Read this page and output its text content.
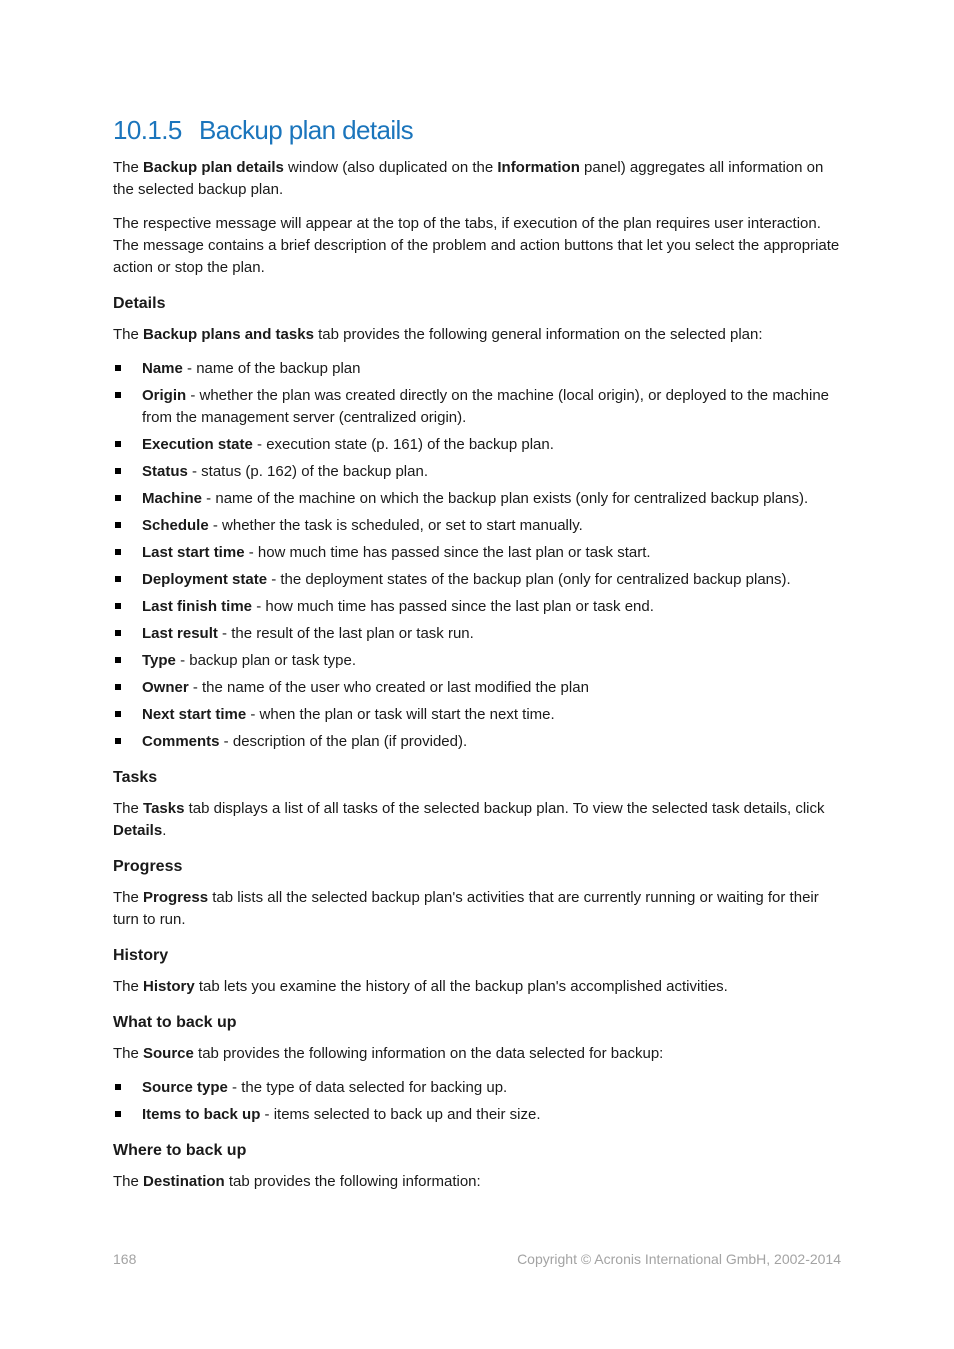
10.1.5 Backup plan details

The Backup plan details window (also duplicated on the Information panel) aggregates all information on the selected backup plan.

The respective message will appear at the top of the tabs, if execution of the plan requires user interaction. The message contains a brief description of the problem and action buttons that let you select the appropriate action or stop the plan.

Details

The Backup plans and tasks tab provides the following general information on the selected plan:

Name - name of the backup plan
Origin - whether the plan was created directly on the machine (local origin), or deployed to the machine from the management server (centralized origin).
Execution state - execution state (p. 161) of the backup plan.
Status - status (p. 162) of the backup plan.
Machine - name of the machine on which the backup plan exists (only for centralized backup plans).
Schedule - whether the task is scheduled, or set to start manually.
Last start time - how much time has passed since the last plan or task start.
Deployment state - the deployment states of the backup plan (only for centralized backup plans).
Last finish time - how much time has passed since the last plan or task end.
Last result - the result of the last plan or task run.
Type - backup plan or task type.
Owner - the name of the user who created or last modified the plan
Next start time - when the plan or task will start the next time.
Comments - description of the plan (if provided).
Tasks

The Tasks tab displays a list of all tasks of the selected backup plan. To view the selected task details, click Details.

Progress

The Progress tab lists all the selected backup plan's activities that are currently running or waiting for their turn to run.

History

The History tab lets you examine the history of all the backup plan's accomplished activities.

What to back up

The Source tab provides the following information on the data selected for backup:

Source type - the type of data selected for backing up.
Items to back up - items selected to back up and their size.
Where to back up

The Destination tab provides the following information:

168	Copyright © Acronis International GmbH, 2002-2014
